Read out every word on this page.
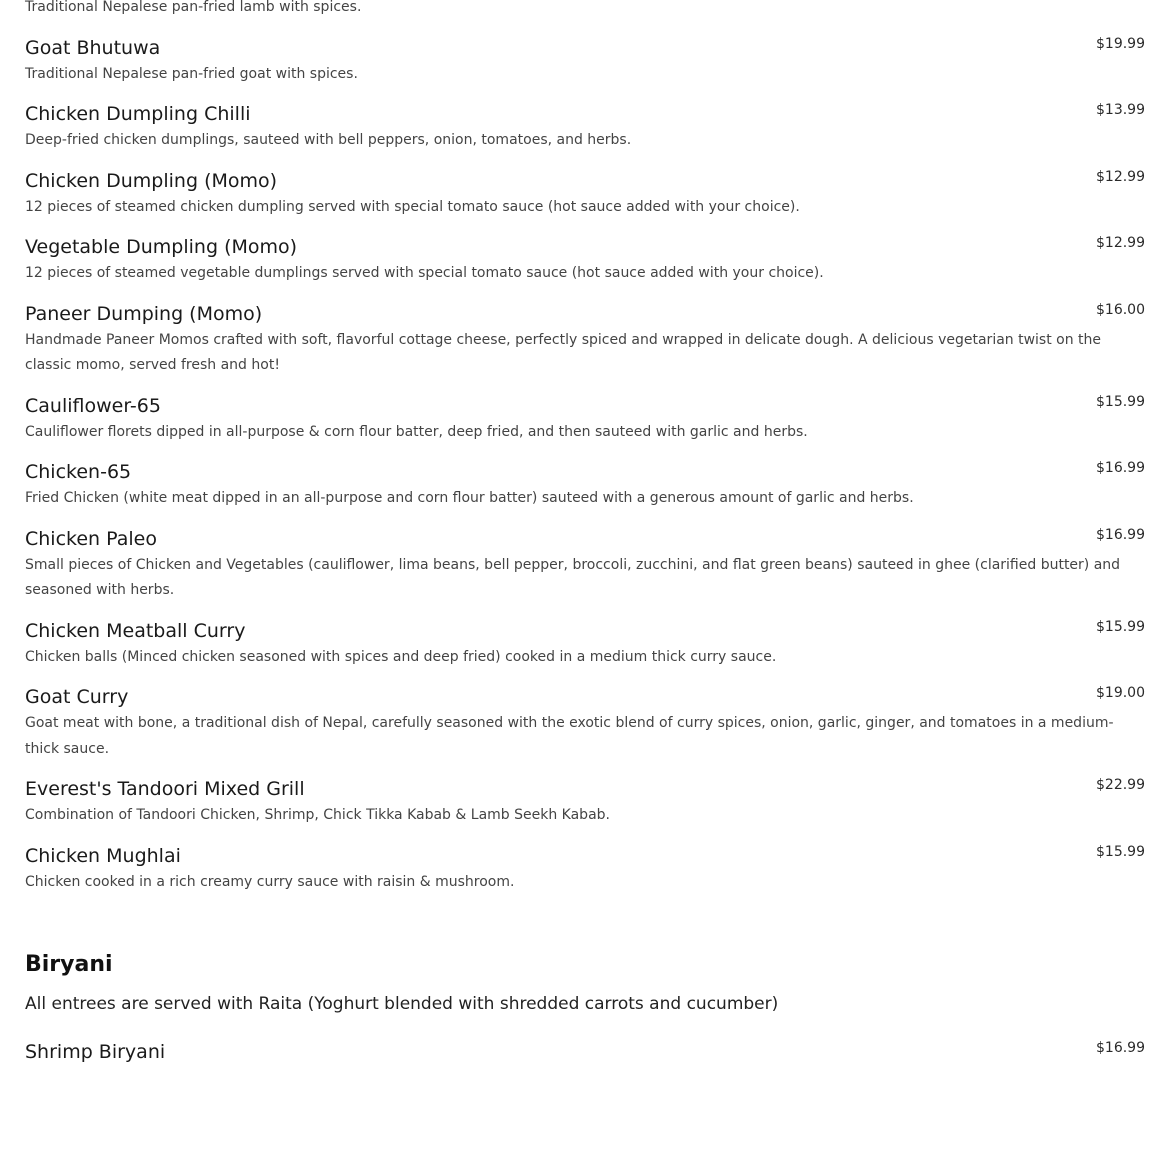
Traditional Nepalese pan-fried lamb with spices.
Goat Bhutuwa	$19.99
Traditional Nepalese pan-fried goat with spices.
Chicken Dumpling Chilli	$13.99
Deep-fried chicken dumplings, sauteed with bell peppers, onion, tomatoes, and herbs.
Chicken Dumpling (Momo)	$12.99
12 pieces of steamed chicken dumpling served with special tomato sauce (hot sauce added with your choice).
Vegetable Dumpling (Momo)	$12.99
12 pieces of steamed vegetable dumplings served with special tomato sauce (hot sauce added with your choice).
Paneer Dumping (Momo)	$16.00
Handmade Paneer Momos crafted with soft, flavorful cottage cheese, perfectly spiced and wrapped in delicate dough. A delicious vegetarian twist on the classic momo, served fresh and hot!
Cauliflower-65	$15.99
Cauliflower florets dipped in all-purpose & corn flour batter, deep fried, and then sauteed with garlic and herbs.
Chicken-65	$16.99
Fried Chicken (white meat dipped in an all-purpose and corn flour batter) sauteed with a generous amount of garlic and herbs.
Chicken Paleo	$16.99
Small pieces of Chicken and Vegetables (cauliflower, lima beans, bell pepper, broccoli, zucchini, and flat green beans) sauteed in ghee (clarified butter) and seasoned with herbs.
Chicken Meatball Curry	$15.99
Chicken balls (Minced chicken seasoned with spices and deep fried) cooked in a medium thick curry sauce.
Goat Curry	$19.00
Goat meat with bone, a traditional dish of Nepal, carefully seasoned with the exotic blend of curry spices, onion, garlic, ginger, and tomatoes in a medium-thick sauce.
Everest's Tandoori Mixed Grill	$22.99
Combination of Tandoori Chicken, Shrimp, Chick Tikka Kabab & Lamb Seekh Kabab.
Chicken Mughlai	$15.99
Chicken cooked in a rich creamy curry sauce with raisin & mushroom.
Biryani
All entrees are served with Raita (Yoghurt blended with shredded carrots and cucumber)
Shrimp Biryani	$16.99
